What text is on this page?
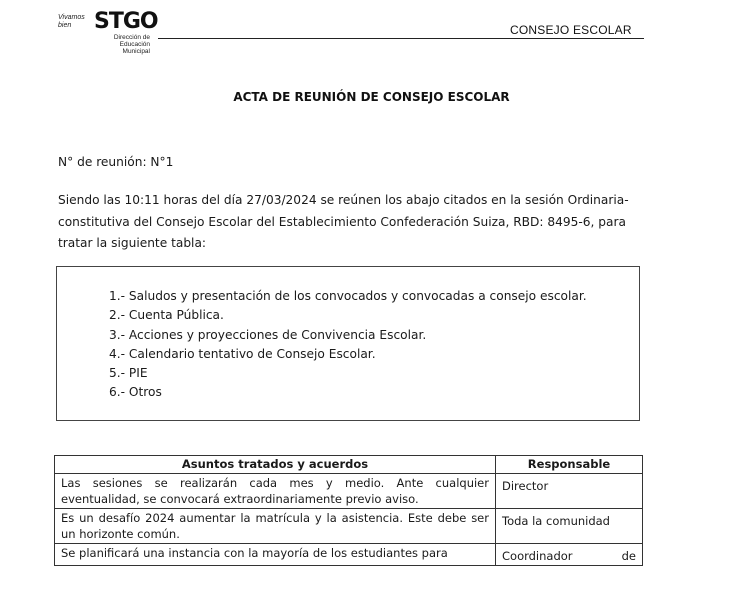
Vivamos bien	STGO
Dirección de Educación Municipal
CONSEJO ESCOLAR
ACTA DE REUNIÓN DE CONSEJO ESCOLAR
N° de reunión: N°1
Siendo las 10:11 horas del día 27/03/2024 se reúnen los abajo citados en la sesión Ordinaria-constitutiva del Consejo Escolar del Establecimiento Confederación Suiza, RBD: 8495-6, para tratar la siguiente tabla:
1.- Saludos y presentación de los convocados y convocadas a consejo escolar.
2.- Cuenta Pública.
3.- Acciones y proyecciones de Convivencia Escolar.
4.- Calendario tentativo de Consejo Escolar.
5.- PIE
6.- Otros
Asuntos tratados y acuerdos	Responsable
Las sesiones se realizarán cada mes y medio. Ante cualquier eventualidad, se convocará extraordinariamente previo aviso.	Director
Es un desafío 2024 aumentar la matrícula y la asistencia. Este debe ser un horizonte común.	Toda la comunidad
Se planificará una instancia con la mayoría de los estudiantes para	Coordinador de
